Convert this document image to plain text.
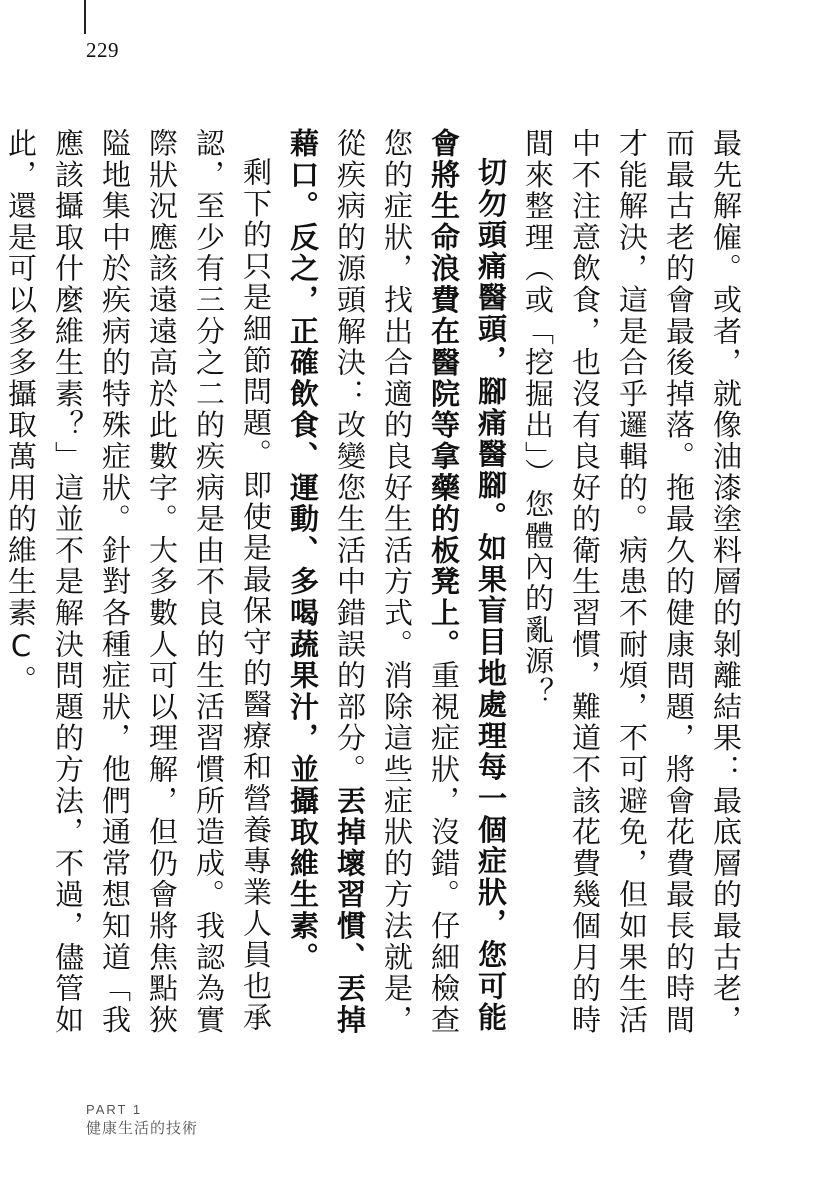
229

最先解僱。或者，就像油漆塗料層的剝離結果：最底層的最古老，而最古老的會最後掉落。拖最久的健康問題，將會花費最長的時間才能解決，這是合乎邏輯的。病患不耐煩，不可避免，但如果生活中不注意飲食，也沒有良好的衛生習慣，難道不該花費幾個月的時間來整理（或「挖掘出」）您體內的亂源？

切勿頭痛醫頭，腳痛醫腳。如果盲目地處理每一個症狀，您可能會將生命浪費在醫院等拿藥的板凳上。重視症狀，沒錯。仔細檢查您的症狀，找出合適的良好生活方式。消除這些症狀的方法就是，從疾病的源頭解決：改變您生活中錯誤的部分。丟掉壞習慣、丟掉藉口。反之，正確飲食、運動、多喝蔬果汁，並攝取維生素。

剩下的只是細節問題。即使是最保守的醫療和營養專業人員也承認，至少有三分之二的疾病是由不良的生活習慣所造成。我認為實際狀況應該遠遠高於此數字。大多數人可以理解，但仍會將焦點狹隘地集中於疾病的特殊症狀。針對各種症狀，他們通常想知道「我應該攝取什麼維生素？」這並不是解決問題的方法，不過，儘管如此，還是可以多多攝取萬用的維生素C。

PART 1
健康生活的技術
